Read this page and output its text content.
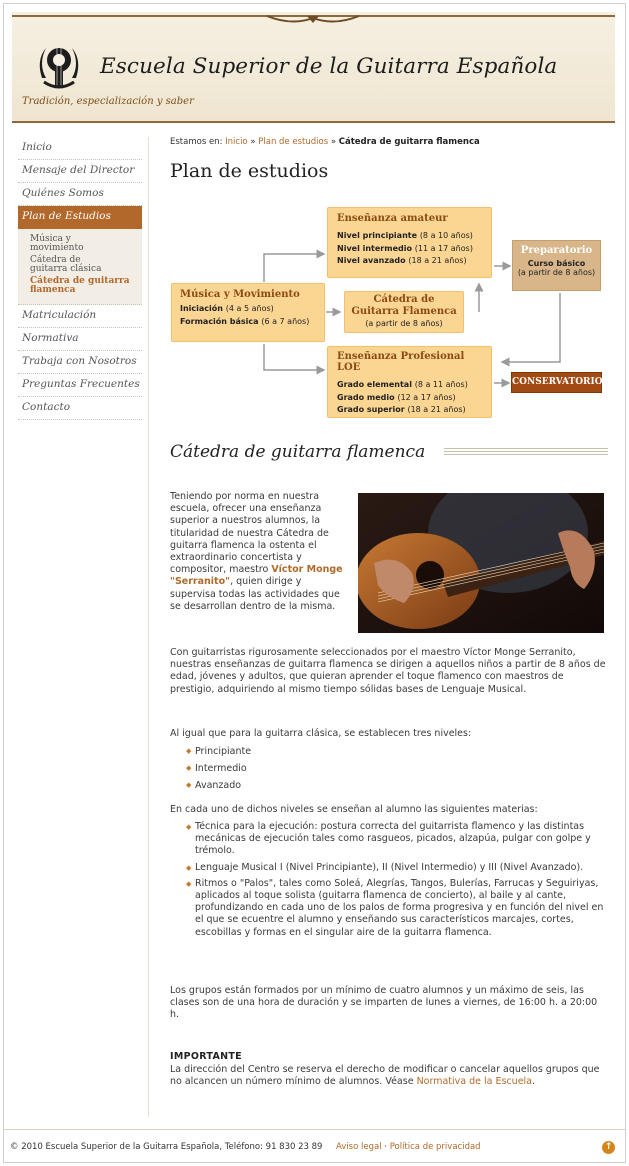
Escuela Superior de la Guitarra Española
Tradición, especialización y saber
Inicio
Mensaje del Director
Quiénes Somos
Plan de Estudios
Música y movimiento
Cátedra de guitarra clásica
Cátedra de guitarra flamenca
Matriculación
Normativa
Trabaja con Nosotros
Preguntas Frecuentes
Contacto
Estamos en: Inicio » Plan de estudios » Cátedra de guitarra flamenca
Plan de estudios
Música y Movimiento
Iniciación (4 a 5 años)
Formación básica (6 a 7 años)
Enseñanza amateur
Nivel principiante (8 a 10 años)
Nivel intermedio (11 a 17 años)
Nivel avanzado (18 a 21 años)
Cátedra de
Guitarra Flamenca
(a partir de 8 años)
Enseñanza Profesional LOE
Grado elemental (8 a 11 años)
Grado medio (12 a 17 años)
Grado superior (18 a 21 años)
Preparatorio
Curso básico
(a partir de 8 años)
CONSERVATORIO
Cátedra de guitarra flamenca
Teniendo por norma en nuestra escuela, ofrecer una enseñanza superior a nuestros alumnos, la titularidad de nuestra Cátedra de guitarra flamenca la ostenta el extraordinario concertista y compositor, maestro Víctor Monge "Serranito", quien dirige y supervisa todas las actividades que se desarrollan dentro de la misma.
Con guitarristas rigurosamente seleccionados por el maestro Víctor Monge Serranito, nuestras enseñanzas de guitarra flamenca se dirigen a aquellos niños a partir de 8 años de edad, jóvenes y adultos, que quieran aprender el toque flamenco con maestros de prestigio, adquiriendo al mismo tiempo sólidas bases de Lenguaje Musical.
Al igual que para la guitarra clásica, se establecen tres niveles:
◆ Principiante
◆ Intermedio
◆ Avanzado
En cada uno de dichos niveles se enseñan al alumno las siguientes materias:
◆ Técnica para la ejecución: postura correcta del guitarrista flamenco y las distintas mecánicas de ejecución tales como rasgueos, picados, alzapúa, pulgar con golpe y trémolo.
◆ Lenguaje Musical I (Nivel Principiante), II (Nivel Intermedio) y III (Nivel Avanzado).
◆ Ritmos o "Palos", tales como Soleá, Alegrías, Tangos, Bulerías, Farrucas y Seguiriyas, aplicados al toque solista (guitarra flamenca de concierto), al baile y al cante, profundizando en cada uno de los palos de forma progresiva y en función del nivel en el que se ecuentre el alumno y enseñando sus característicos marcajes, cortes, escobillas y formas en el singular aire de la guitarra flamenca.
Los grupos están formados por un mínimo de cuatro alumnos y un máximo de seis, las clases son de una hora de duración y se imparten de lunes a viernes, de 16:00 h. a 20:00 h.
IMPORTANTE
La dirección del Centro se reserva el derecho de modificar o cancelar aquellos grupos que no alcancen un número mínimo de alumnos. Véase Normativa de la Escuela.
© 2010 Escuela Superior de la Guitarra Española, Teléfono: 91 830 23 89 Aviso legal · Política de privacidad	↑
